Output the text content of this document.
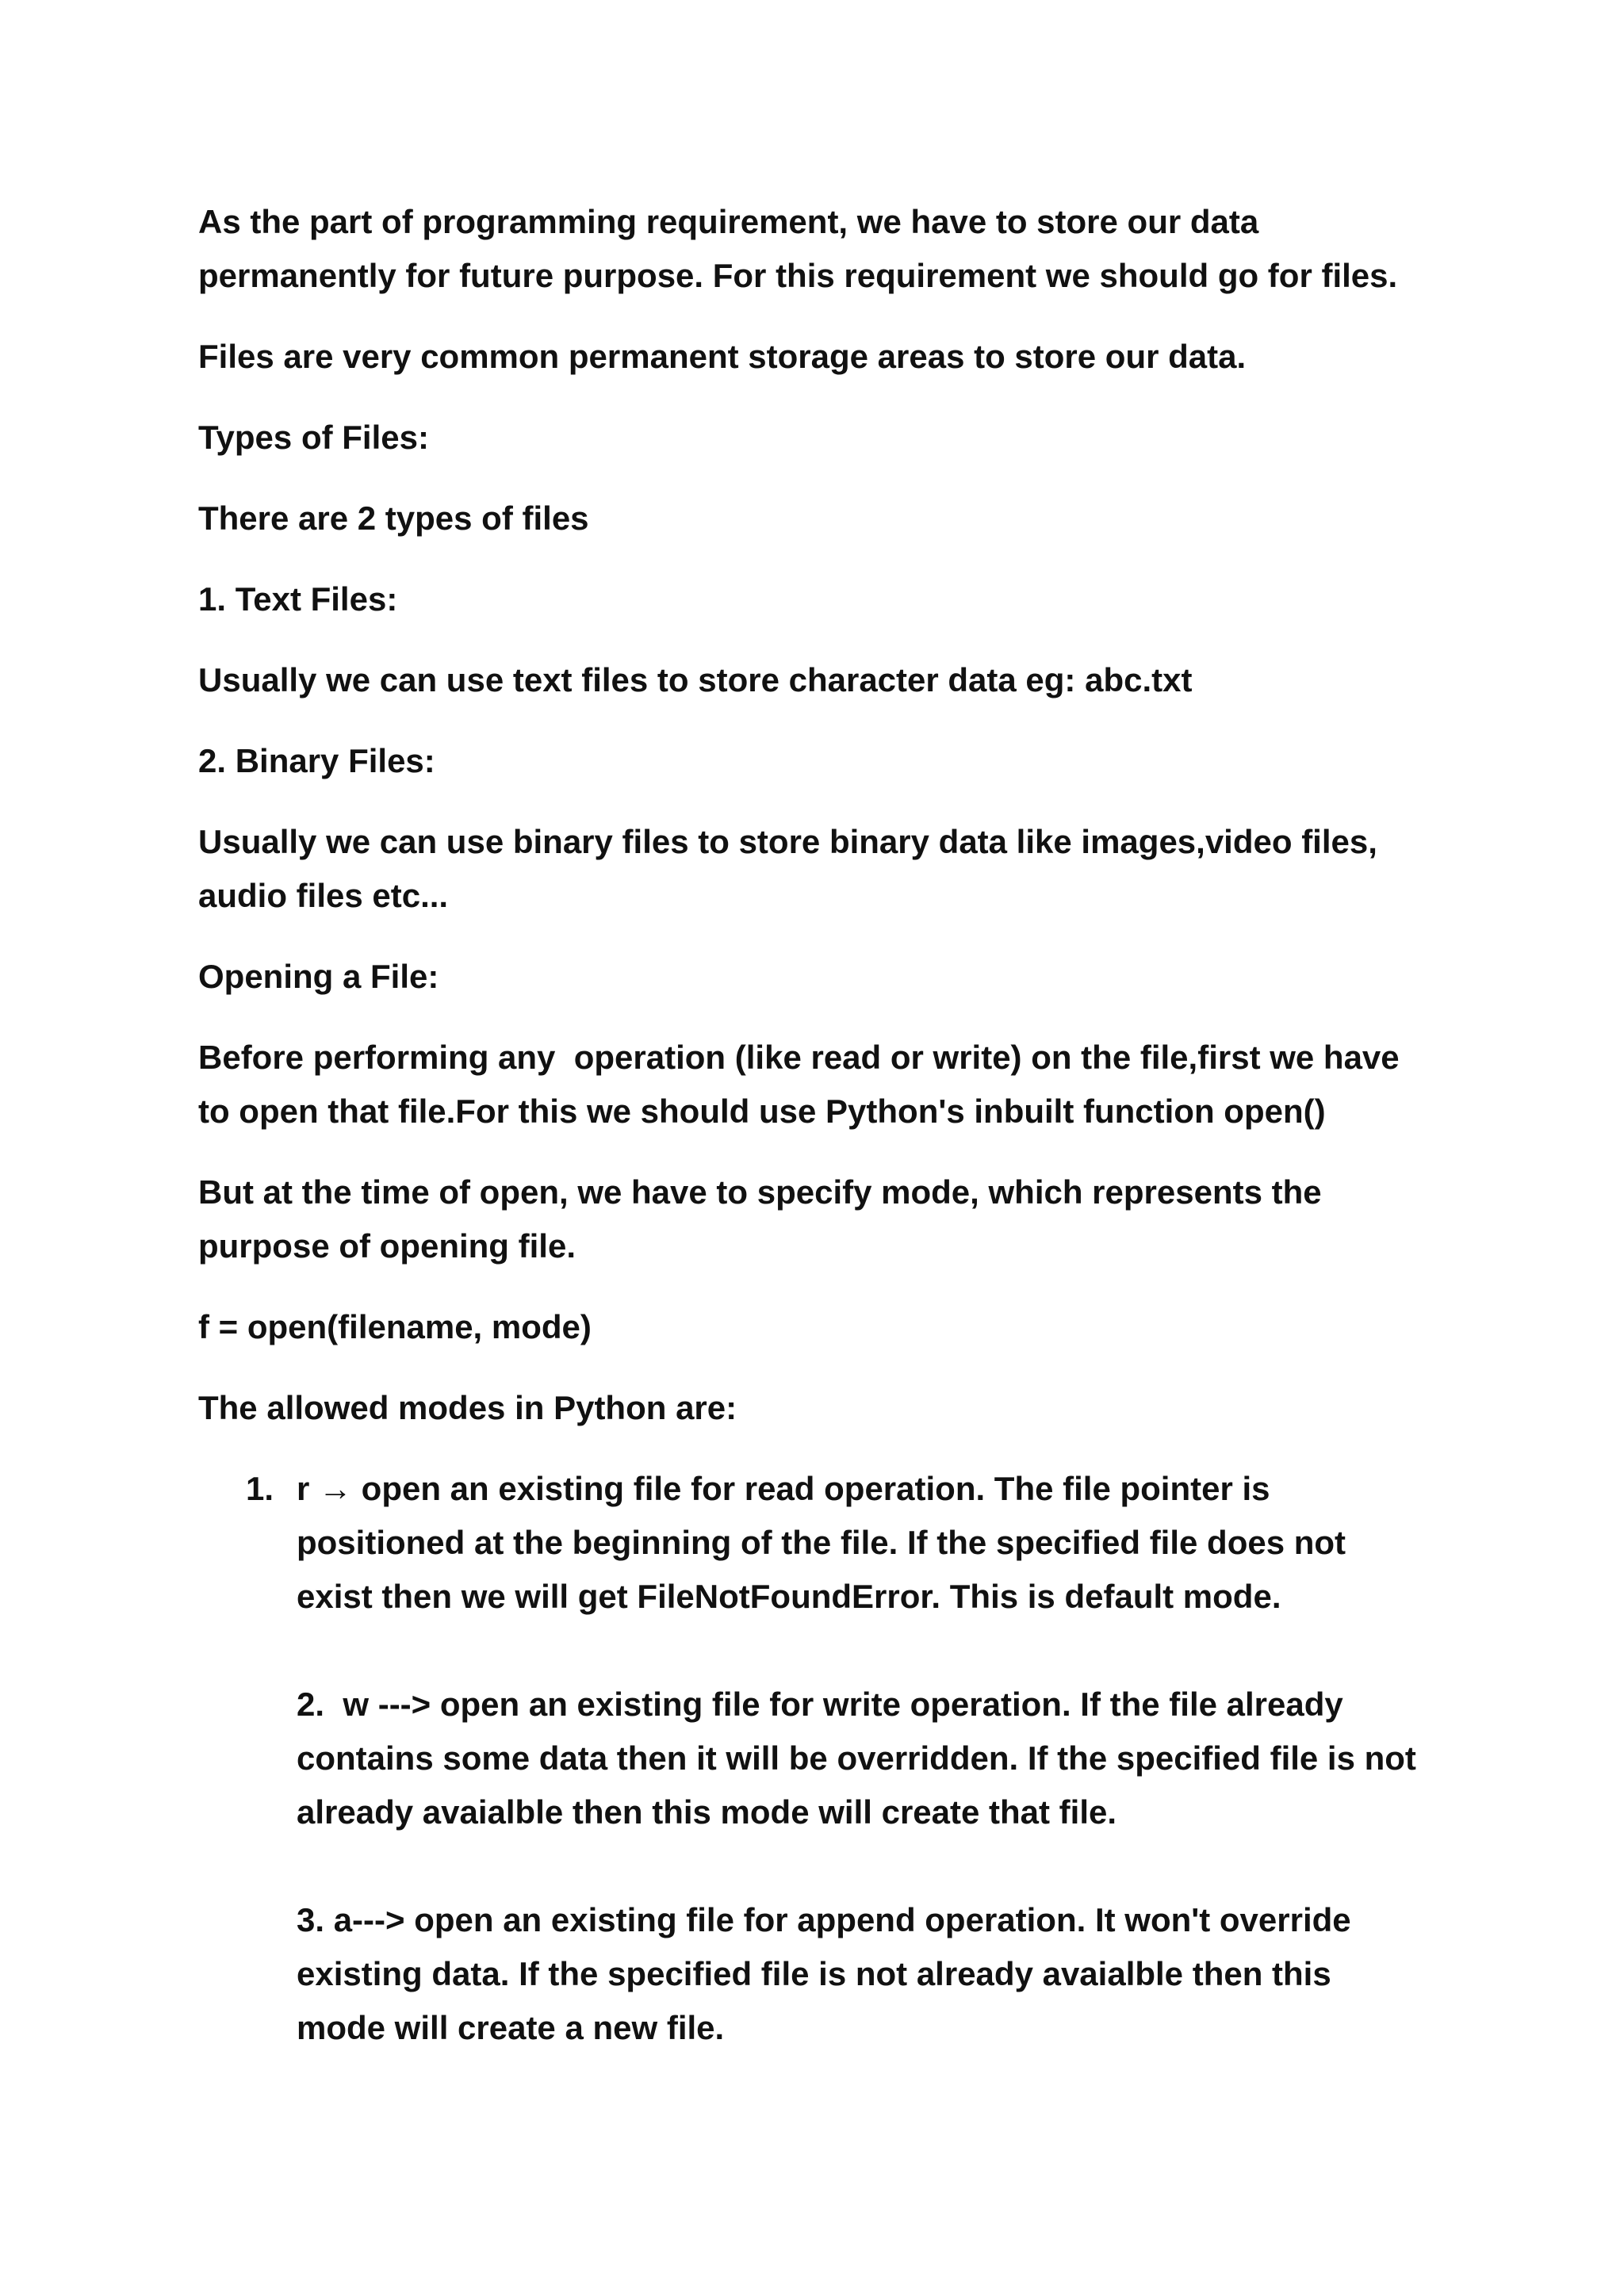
As the part of programming requirement, we have to store our data
permanently for future purpose. For this requirement we should go for files.

Files are very common permanent storage areas to store our data.

Types of Files:

There are 2 types of files

1. Text Files:

Usually we can use text files to store character data eg: abc.txt

2. Binary Files:

Usually we can use binary files to store binary data like images,video files,
audio files etc...

Opening a File:

Before performing any  operation (like read or write) on the file,first we have
to open that file.For this we should use Python's inbuilt function open()

But at the time of open, we have to specify mode, which represents the
purpose of opening file.

f = open(filename, mode)

The allowed modes in Python are:

1. r → open an existing file for read operation. The file pointer is
positioned at the beginning of the file. If the specified file does not
exist then we will get FileNotFoundError. This is default mode.
2.  w ---> open an existing file for write operation. If the file already
contains some data then it will be overridden. If the specified file is not
already avaialble then this mode will create that file.
3. a---> open an existing file for append operation. It won't override
existing data. If the specified file is not already avaialble then this
mode will create a new file.
